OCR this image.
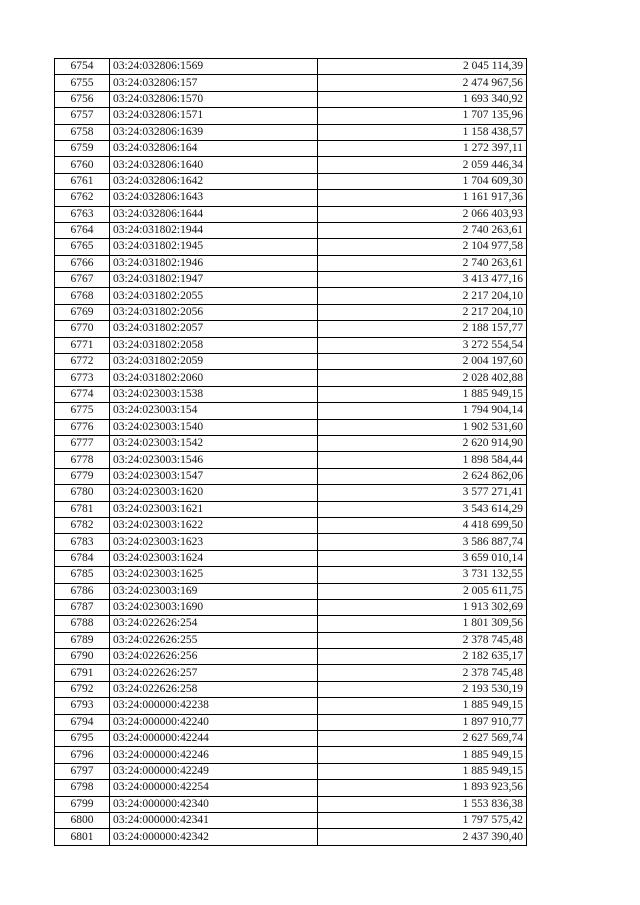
6754	03:24:032806:1569	2 045 114,39
6755	03:24:032806:157	2 474 967,56
6756	03:24:032806:1570	1 693 340,92
6757	03:24:032806:1571	1 707 135,96
6758	03:24:032806:1639	1 158 438,57
6759	03:24:032806:164	1 272 397,11
6760	03:24:032806:1640	2 059 446,34
6761	03:24:032806:1642	1 704 609,30
6762	03:24:032806:1643	1 161 917,36
6763	03:24:032806:1644	2 066 403,93
6764	03:24:031802:1944	2 740 263,61
6765	03:24:031802:1945	2 104 977,58
6766	03:24:031802:1946	2 740 263,61
6767	03:24:031802:1947	3 413 477,16
6768	03:24:031802:2055	2 217 204,10
6769	03:24:031802:2056	2 217 204,10
6770	03:24:031802:2057	2 188 157,77
6771	03:24:031802:2058	3 272 554,54
6772	03:24:031802:2059	2 004 197,60
6773	03:24:031802:2060	2 028 402,88
6774	03:24:023003:1538	1 885 949,15
6775	03:24:023003:154	1 794 904,14
6776	03:24:023003:1540	1 902 531,60
6777	03:24:023003:1542	2 620 914,90
6778	03:24:023003:1546	1 898 584,44
6779	03:24:023003:1547	2 624 862,06
6780	03:24:023003:1620	3 577 271,41
6781	03:24:023003:1621	3 543 614,29
6782	03:24:023003:1622	4 418 699,50
6783	03:24:023003:1623	3 586 887,74
6784	03:24:023003:1624	3 659 010,14
6785	03:24:023003:1625	3 731 132,55
6786	03:24:023003:169	2 005 611,75
6787	03:24:023003:1690	1 913 302,69
6788	03:24:022626:254	1 801 309,56
6789	03:24:022626:255	2 378 745,48
6790	03:24:022626:256	2 182 635,17
6791	03:24:022626:257	2 378 745,48
6792	03:24:022626:258	2 193 530,19
6793	03:24:000000:42238	1 885 949,15
6794	03:24:000000:42240	1 897 910,77
6795	03:24:000000:42244	2 627 569,74
6796	03:24:000000:42246	1 885 949,15
6797	03:24:000000:42249	1 885 949,15
6798	03:24:000000:42254	1 893 923,56
6799	03:24:000000:42340	1 553 836,38
6800	03:24:000000:42341	1 797 575,42
6801	03:24:000000:42342	2 437 390,40
